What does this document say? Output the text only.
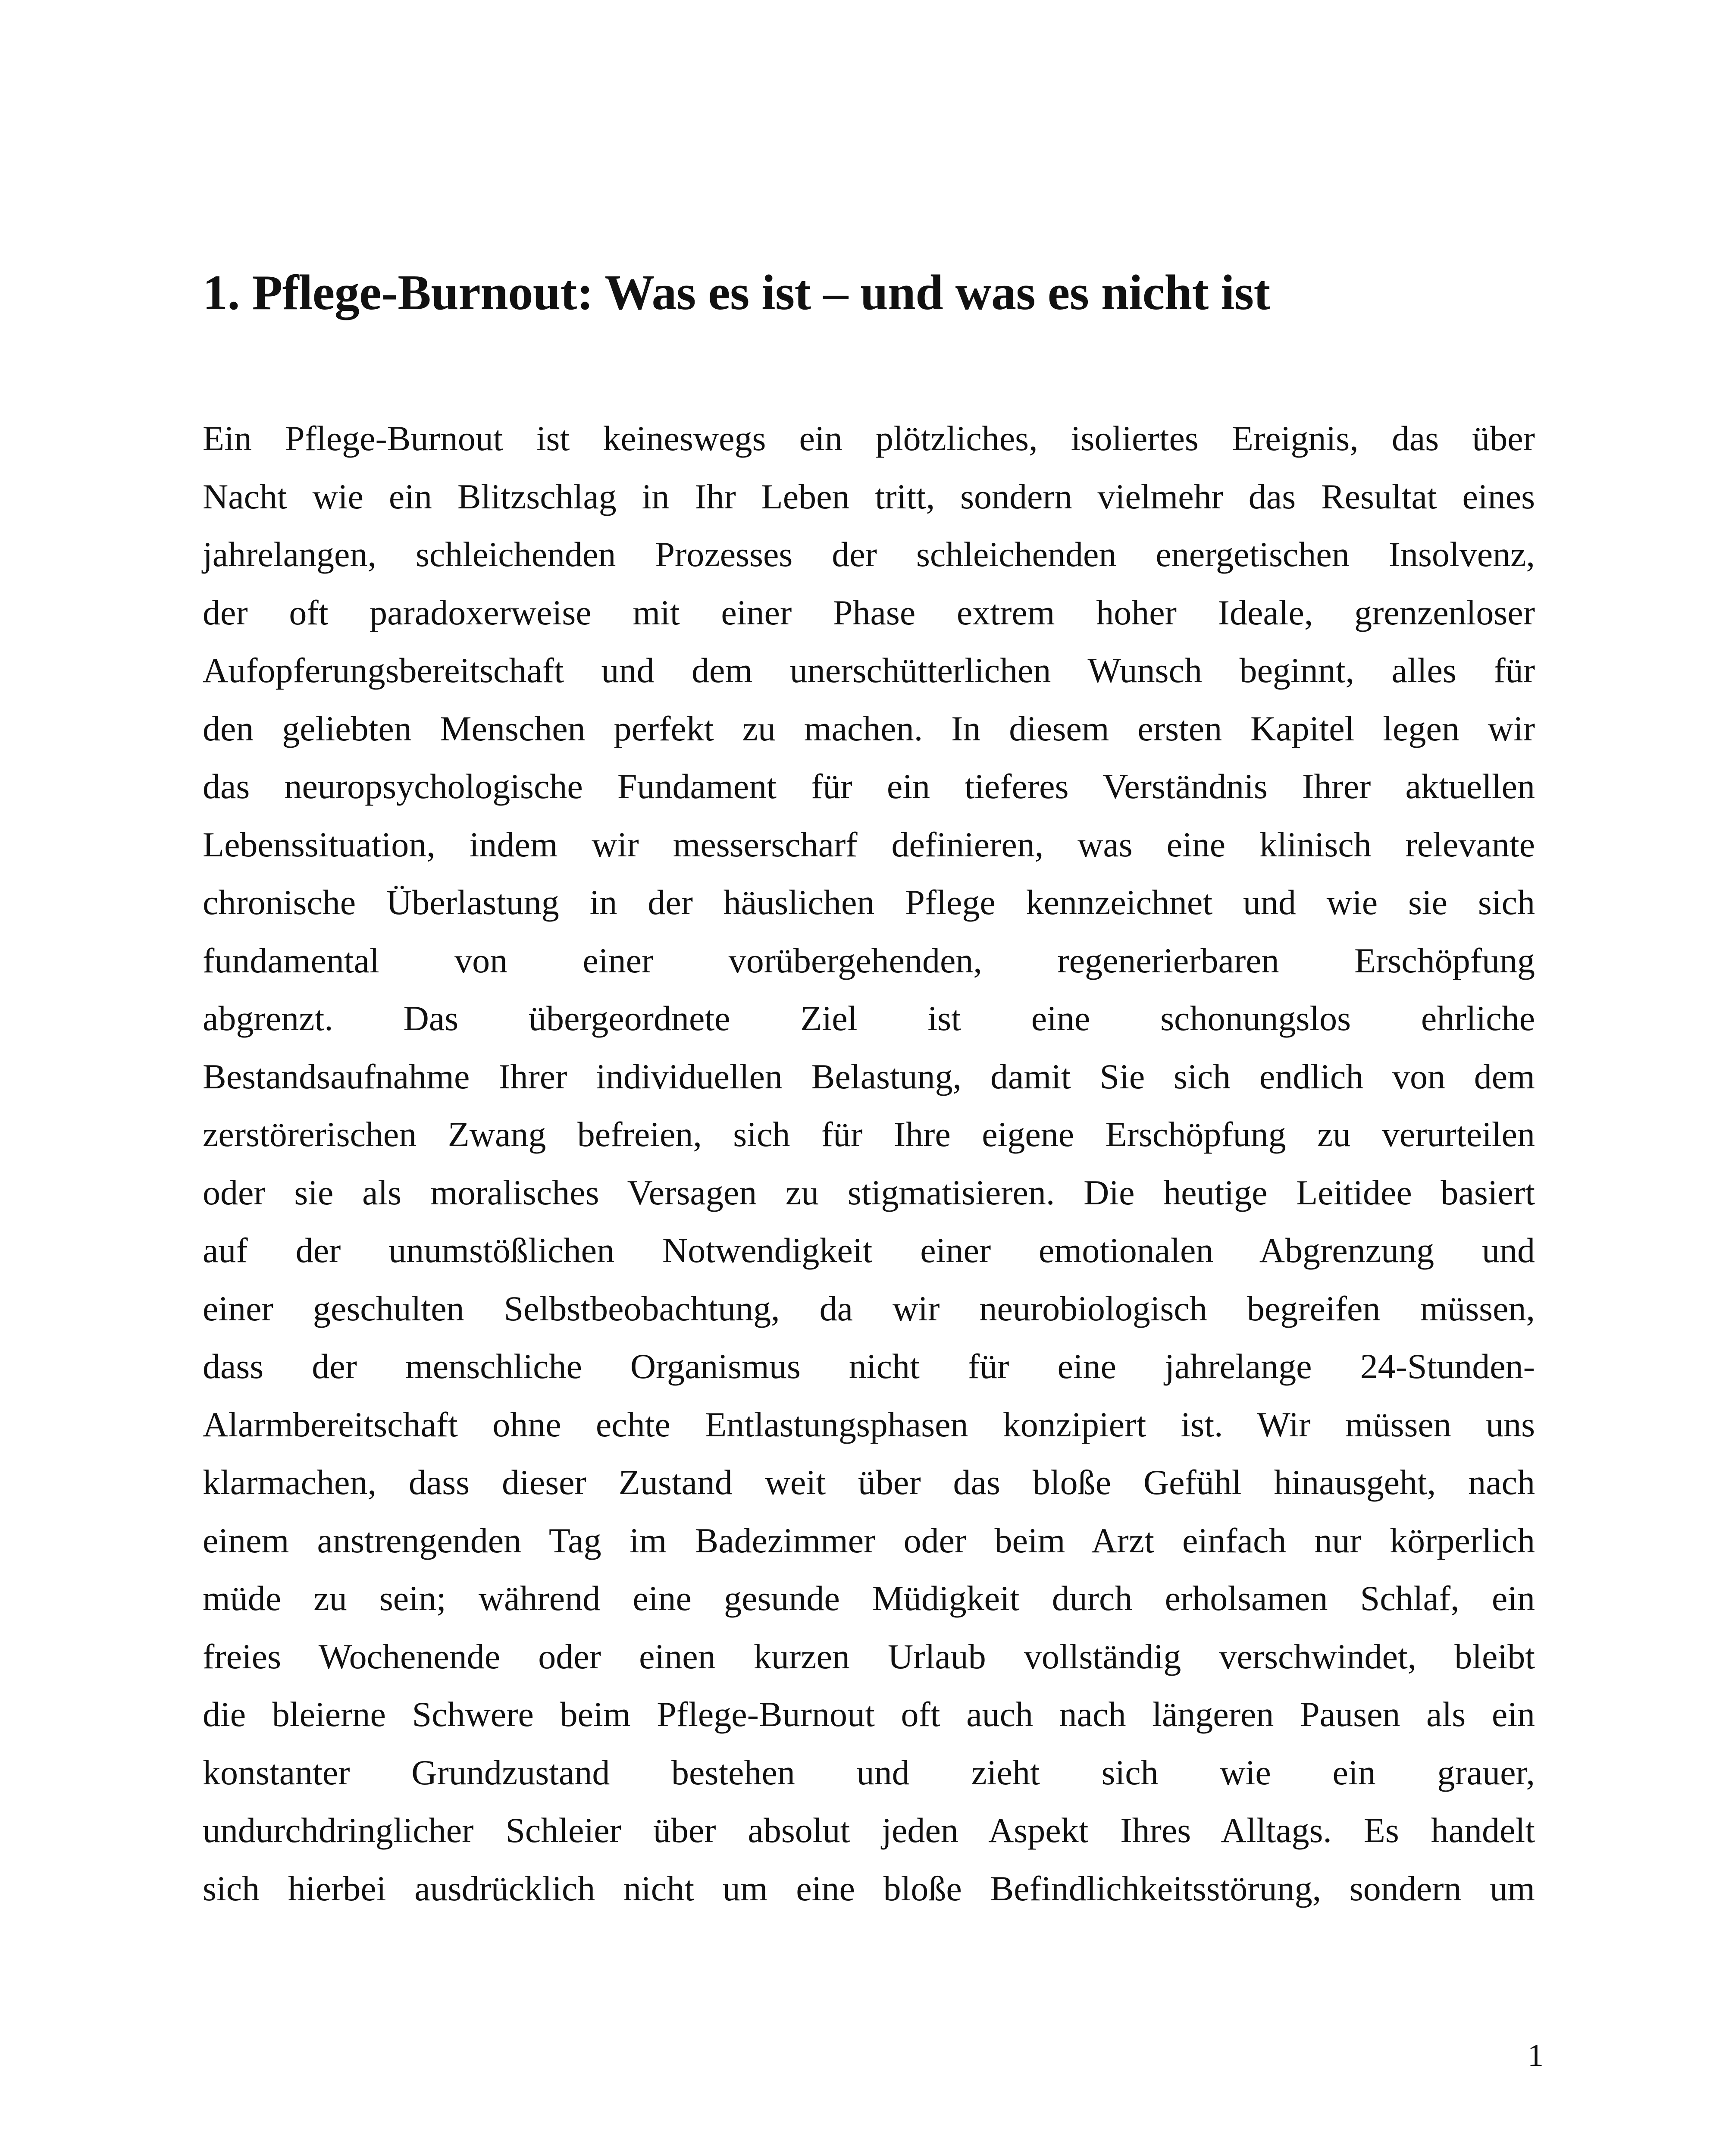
1. Pflege-Burnout: Was es ist – und was es nicht ist
Ein Pflege-Burnout ist keineswegs ein plötzliches, isoliertes Ereignis, das über
Nacht wie ein Blitzschlag in Ihr Leben tritt, sondern vielmehr das Resultat eines
jahrelangen, schleichenden Prozesses der schleichenden energetischen Insolvenz,
der oft paradoxerweise mit einer Phase extrem hoher Ideale, grenzenloser
Aufopferungsbereitschaft und dem unerschütterlichen Wunsch beginnt, alles für
den geliebten Menschen perfekt zu machen. In diesem ersten Kapitel legen wir
das neuropsychologische Fundament für ein tieferes Verständnis Ihrer aktuellen
Lebenssituation, indem wir messerscharf definieren, was eine klinisch relevante
chronische Überlastung in der häuslichen Pflege kennzeichnet und wie sie sich
fundamental von einer vorübergehenden, regenerierbaren Erschöpfung
abgrenzt. Das übergeordnete Ziel ist eine schonungslos ehrliche
Bestandsaufnahme Ihrer individuellen Belastung, damit Sie sich endlich von dem
zerstörerischen Zwang befreien, sich für Ihre eigene Erschöpfung zu verurteilen
oder sie als moralisches Versagen zu stigmatisieren. Die heutige Leitidee basiert
auf der unumstößlichen Notwendigkeit einer emotionalen Abgrenzung und
einer geschulten Selbstbeobachtung, da wir neurobiologisch begreifen müssen,
dass der menschliche Organismus nicht für eine jahrelange 24-Stunden-
Alarmbereitschaft ohne echte Entlastungsphasen konzipiert ist. Wir müssen uns
klarmachen, dass dieser Zustand weit über das bloße Gefühl hinausgeht, nach
einem anstrengenden Tag im Badezimmer oder beim Arzt einfach nur körperlich
müde zu sein; während eine gesunde Müdigkeit durch erholsamen Schlaf, ein
freies Wochenende oder einen kurzen Urlaub vollständig verschwindet, bleibt
die bleierne Schwere beim Pflege-Burnout oft auch nach längeren Pausen als ein
konstanter Grundzustand bestehen und zieht sich wie ein grauer,
undurchdringlicher Schleier über absolut jeden Aspekt Ihres Alltags. Es handelt
sich hierbei ausdrücklich nicht um eine bloße Befindlichkeitsstörung, sondern um
1
